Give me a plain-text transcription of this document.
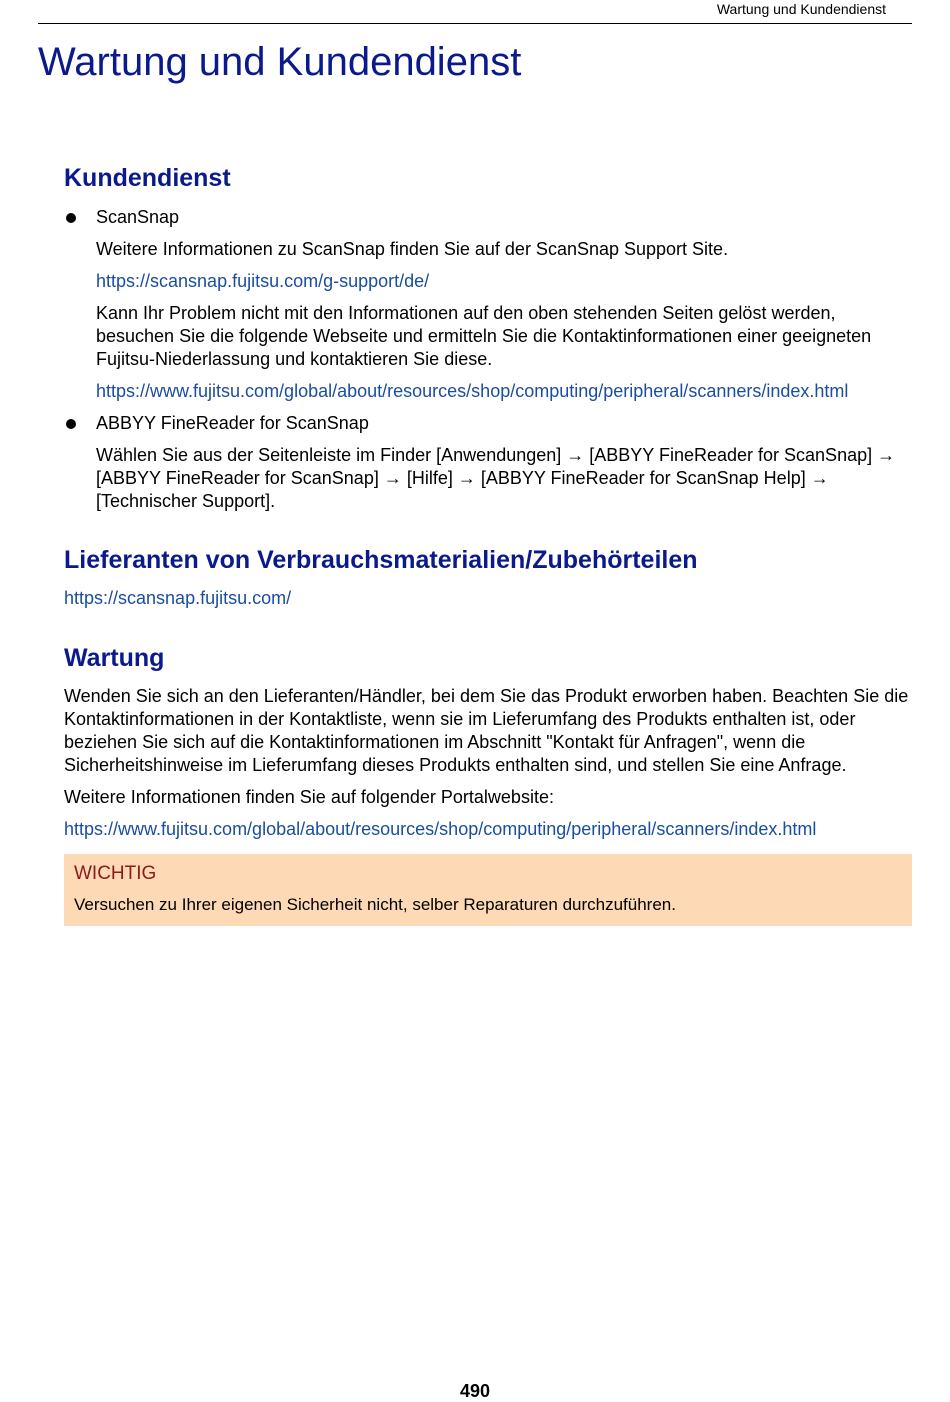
Wartung und Kundendienst
Wartung und Kundendienst
Kundendienst

ScanSnap

Weitere Informationen zu ScanSnap finden Sie auf der ScanSnap Support Site.

https://scansnap.fujitsu.com/g-support/de/

Kann Ihr Problem nicht mit den Informationen auf den oben stehenden Seiten gelöst werden, besuchen Sie die folgende Webseite und ermitteln Sie die Kontaktinformationen einer geeigneten Fujitsu-Niederlassung und kontaktieren Sie diese.

https://www.fujitsu.com/global/about/resources/shop/computing/peripheral/scanners/index.html

ABBYY FineReader for ScanSnap

Wählen Sie aus der Seitenleiste im Finder [Anwendungen] → [ABBYY FineReader for ScanSnap] → [ABBYY FineReader for ScanSnap] → [Hilfe] → [ABBYY FineReader for ScanSnap Help] → [Technischer Support].

Lieferanten von Verbrauchsmaterialien/Zubehörteilen
https://scansnap.fujitsu.com/
Wartung

Wenden Sie sich an den Lieferanten/Händler, bei dem Sie das Produkt erworben haben. Beachten Sie die Kontaktinformationen in der Kontaktliste, wenn sie im Lieferumfang des Produkts enthalten ist, oder beziehen Sie sich auf die Kontaktinformationen im Abschnitt "Kontakt für Anfragen", wenn die Sicherheitshinweise im Lieferumfang dieses Produkts enthalten sind, und stellen Sie eine Anfrage.

Weitere Informationen finden Sie auf folgender Portalwebsite:

https://www.fujitsu.com/global/about/resources/shop/computing/peripheral/scanners/index.html

WICHTIG

Versuchen zu Ihrer eigenen Sicherheit nicht, selber Reparaturen durchzuführen.

490
